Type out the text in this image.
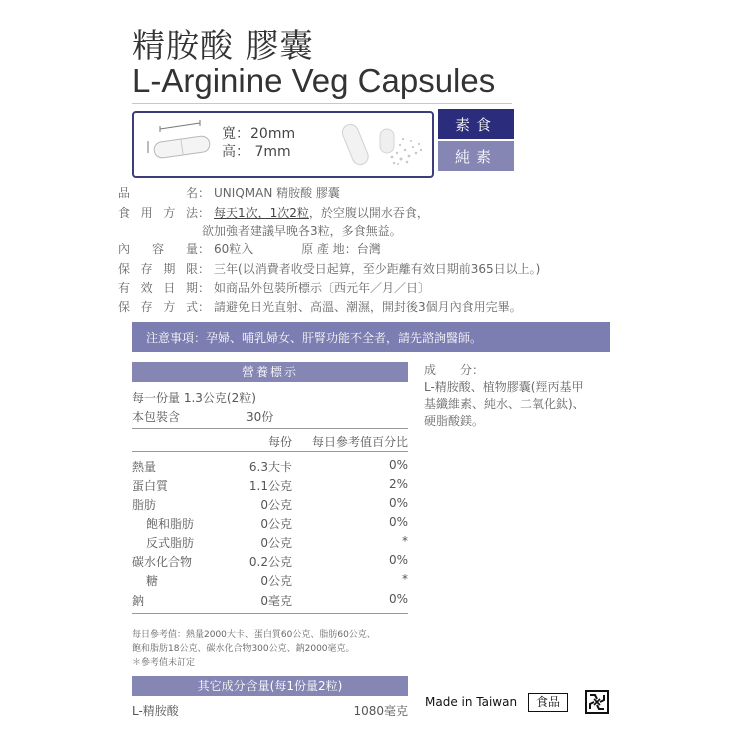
精胺酸 膠囊
L-Arginine Veg Capsules
寬：20mm
高： 7mm
素食
純素
品 名： UNIQMAN 精胺酸 膠囊
食用方法： 每天1次，1次2粒，於空腹以開水吞食，
欲加強者建議早晚各3粒，多食無益。
內 容 量： 60粒入	原 產 地：台灣
保存期限： 三年(以消費者收受日起算，至少距離有效日期前365日以上。)
有效日期： 如商品外包裝所標示〔西元年／月／日〕
保存方式： 請避免日光直射、高溫、潮濕，開封後3個月內食用完畢。
注意事項：孕婦、哺乳婦女、肝腎功能不全者，請先諮詢醫師。
營養標示
每一份量 1.3公克(2粒)
本包裝含	30份
每份 每日參考值百分比
熱量	6.3大卡	0%
蛋白質	1.1公克	2%
脂肪	0公克	0%
飽和脂肪	0公克	0%
反式脂肪	0公克	*
碳水化合物	0.2公克	0%
糖	0公克	*
鈉	0毫克	0%
每日參考值：熱量2000大卡、蛋白質60公克、脂肪60公克、
飽和脂肪18公克、碳水化合物300公克、鈉2000毫克。
＊參考值未訂定
成　　分：
L-精胺酸、植物膠囊(羥丙基甲
基纖維素、純水、二氧化鈦)、
硬脂酸鎂。
其它成分含量(每1份量2粒)
L-精胺酸	1080毫克
Made in Taiwan	食品
